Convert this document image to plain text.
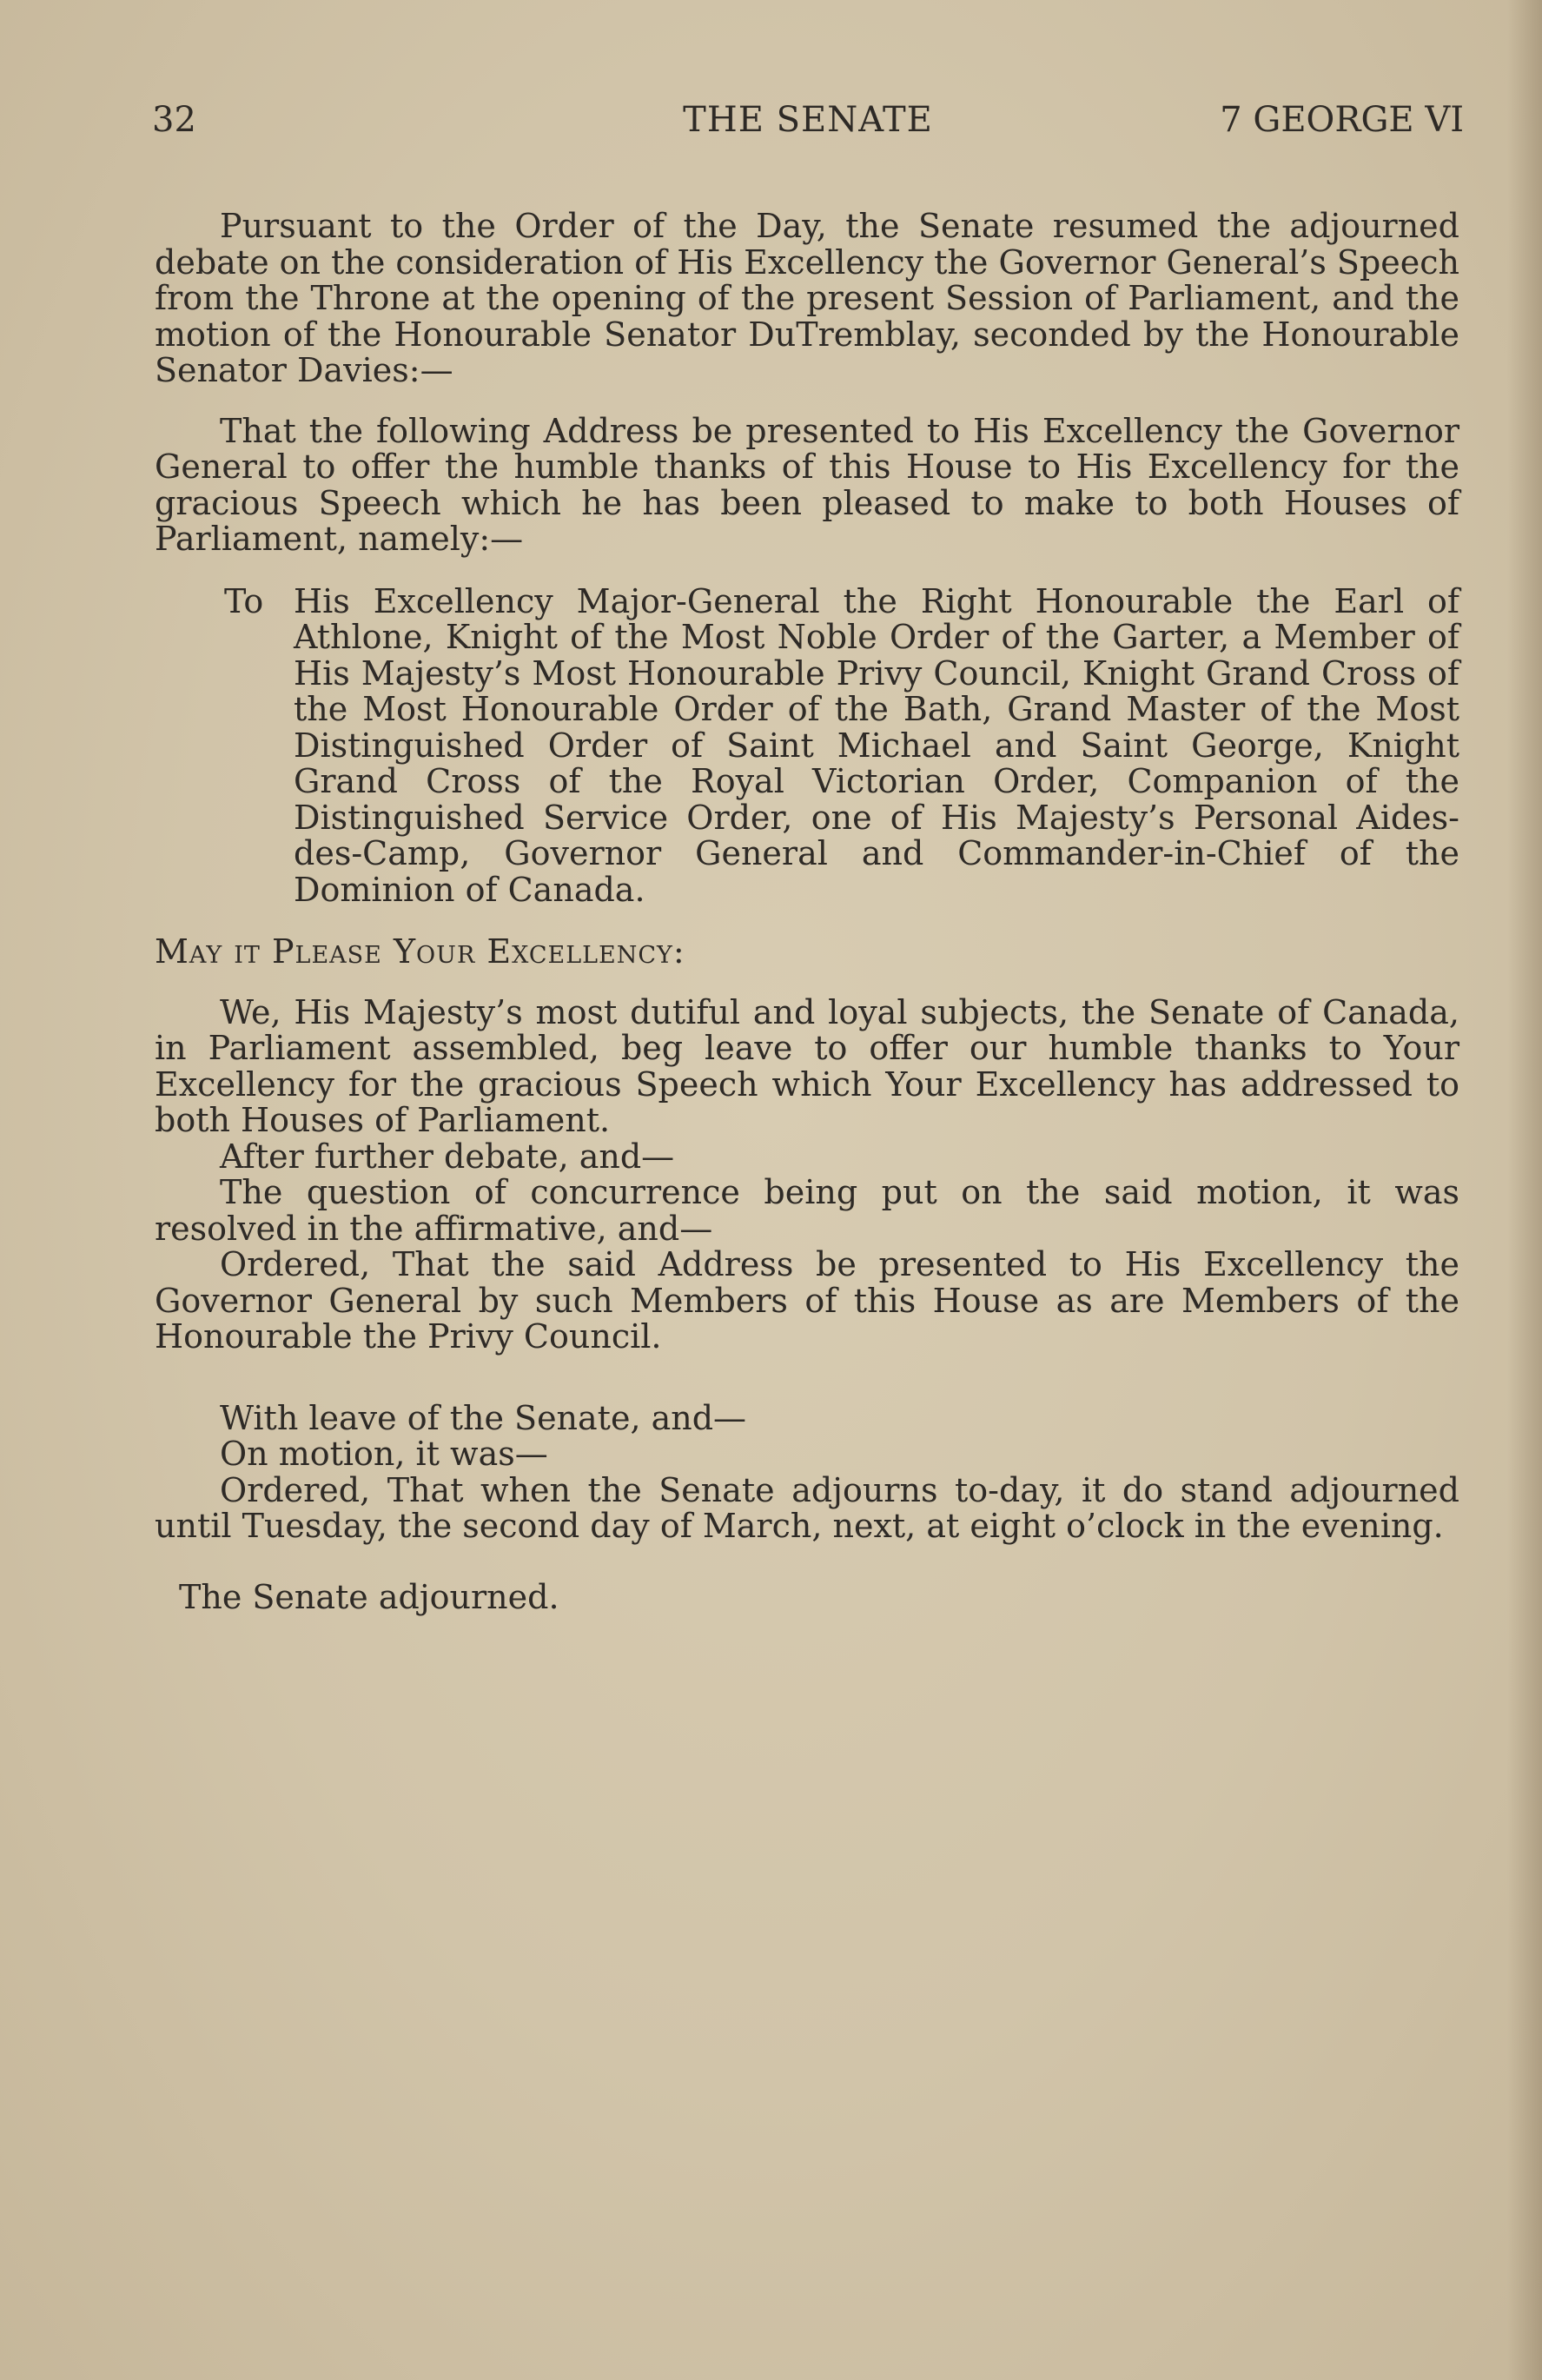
32	THE SENATE	7 GEORGE VI

Pursuant to the Order of the Day, the Senate resumed the adjourned debate on the consideration of His Excellency the Governor General’s Speech from the Throne at the opening of the present Session of Parliament, and the motion of the Honourable Senator DuTremblay, seconded by the Honourable Senator Davies:—

That the following Address be presented to His Excellency the Governor General to offer the humble thanks of this House to His Excellency for the gracious Speech which he has been pleased to make to both Houses of Parliament, namely:—

To His Excellency Major-General the Right Honourable the Earl of Athlone, Knight of the Most Noble Order of the Garter, a Member of His Majesty’s Most Honourable Privy Council, Knight Grand Cross of the Most Honourable Order of the Bath, Grand Master of the Most Distinguished Order of Saint Michael and Saint George, Knight Grand Cross of the Royal Victorian Order, Companion of the Distinguished Service Order, one of His Majesty’s Personal Aides-des-Camp, Governor General and Commander-in-Chief of the Dominion of Canada.

May it Please Your Excellency:

We, His Majesty’s most dutiful and loyal subjects, the Senate of Canada, in Parliament assembled, beg leave to offer our humble thanks to Your Excellency for the gracious Speech which Your Excellency has addressed to both Houses of Parliament.

After further debate, and—

The question of concurrence being put on the said motion, it was resolved in the affirmative, and—

Ordered, That the said Address be presented to His Excellency the Governor General by such Members of this House as are Members of the Honourable the Privy Council.

With leave of the Senate, and—

On motion, it was—

Ordered, That when the Senate adjourns to-day, it do stand adjourned until Tuesday, the second day of March, next, at eight o’clock in the evening.

The Senate adjourned.
